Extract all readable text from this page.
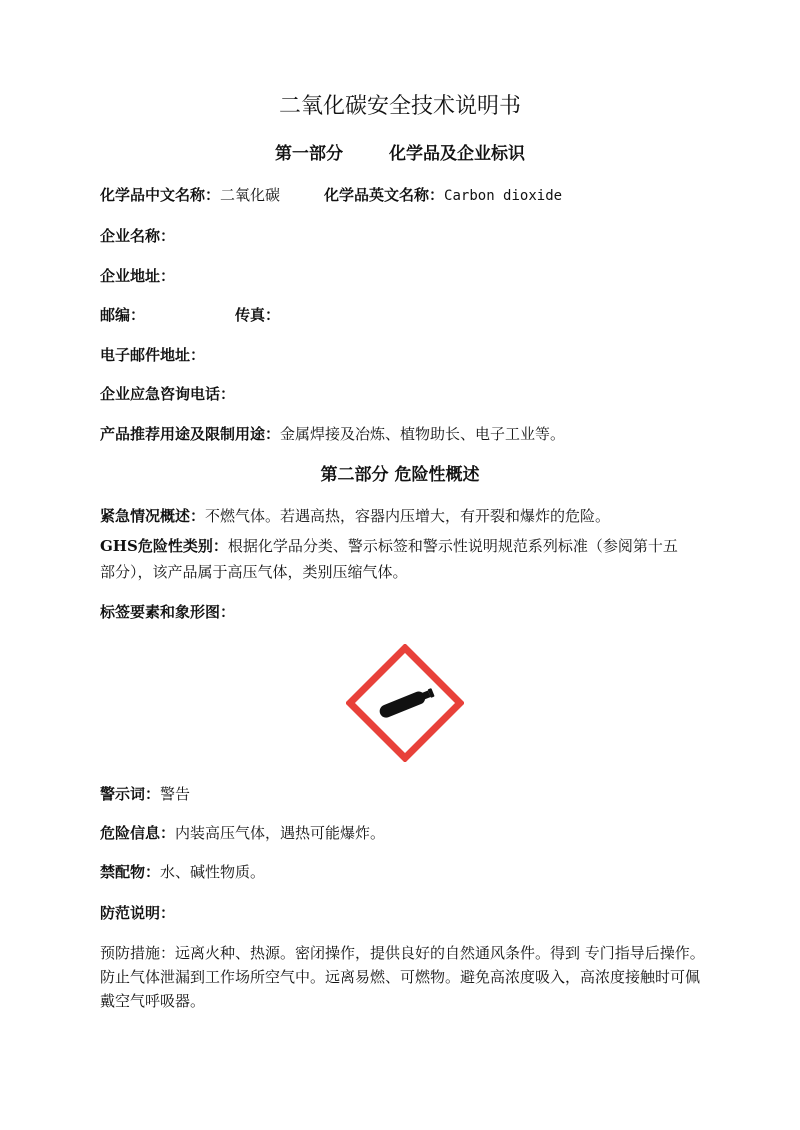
二氧化碳安全技术说明书
第一部分	化学品及企业标识
化学品中文名称：二氧化碳	化学品英文名称：Carbon dioxide
企业名称：
企业地址：
邮编：	传真：
电子邮件地址：
企业应急咨询电话：
产品推荐用途及限制用途：金属焊接及冶炼、植物助长、电子工业等。
第二部分 危险性概述
紧急情况概述：不燃气体。若遇高热，容器内压增大，有开裂和爆炸的危险。
GHS危险性类别：根据化学品分类、警示标签和警示性说明规范系列标准（参阅第十五
部分），该产品属于高压气体，类别压缩气体。
标签要素和象形图：
警示词：警告
危险信息：内装高压气体，遇热可能爆炸。
禁配物：水、碱性物质。
防范说明：
预防措施：远离火种、热源。密闭操作，提供良好的自然通风条件。得到 专门指导后操作。防止气体泄漏到工作场所空气中。远离易燃、可燃物。避免高浓度吸入，高浓度接触时可佩戴空气呼吸器。
